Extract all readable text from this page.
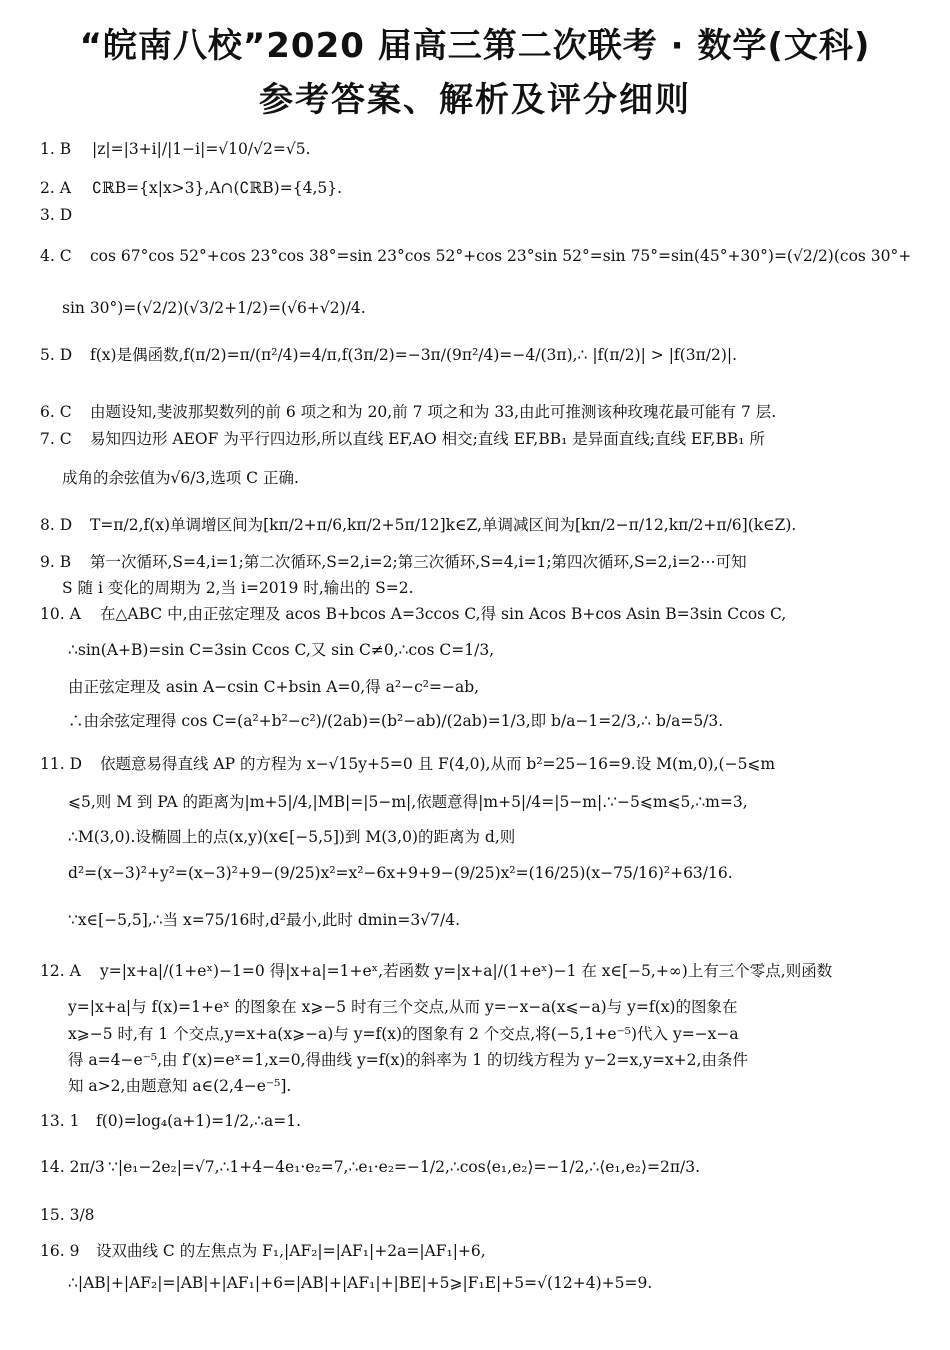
“皖南八校”2020 届高三第二次联考 · 数学(文科)
参考答案、解析及评分细则
1. B |z|=|3+i|/|1−i|=√10/√2=√5.
2. A ∁ℝB={x|x>3},A∩(∁ℝB)={4,5}.
3. D
4. C cos 67°cos 52°+cos 23°cos 38°=sin 23°cos 52°+cos 23°sin 52°=sin 75°=sin(45°+30°)=(√2/2)(cos 30°+
sin 30°)=(√2/2)(√3/2+1/2)=(√6+√2)/4.
5. D f(x)是偶函数,f(π/2)=π/(π²/4)=4/π,f(3π/2)=−3π/(9π²/4)=−4/(3π),∴ |f(π/2)| > |f(3π/2)|.
6. C 由题设知,斐波那契数列的前 6 项之和为 20,前 7 项之和为 33,由此可推测该种玫瑰花最可能有 7 层.
7. C 易知四边形 AEOF 为平行四边形,所以直线 EF,AO 相交;直线 EF,BB₁ 是异面直线;直线 EF,BB₁ 所
成角的余弦值为√6/3,选项 C 正确.
8. D T=π/2,f(x)单调增区间为[kπ/2+π/6,kπ/2+5π/12]k∈Z,单调减区间为[kπ/2−π/12,kπ/2+π/6](k∈Z).
9. B 第一次循环,S=4,i=1;第二次循环,S=2,i=2;第三次循环,S=4,i=1;第四次循环,S=2,i=2⋯可知
S 随 i 变化的周期为 2,当 i=2019 时,输出的 S=2.
10. A 在△ABC 中,由正弦定理及 acos B+bcos A=3ccos C,得 sin Acos B+cos Asin B=3sin Ccos C,
∴sin(A+B)=sin C=3sin Ccos C,又 sin C≠0,∴cos C=1/3,
由正弦定理及 asin A−csin C+bsin A=0,得 a²−c²=−ab,
∴由余弦定理得 cos C=(a²+b²−c²)/(2ab)=(b²−ab)/(2ab)=1/3,即 b/a−1=2/3,∴ b/a=5/3.
11. D 依题意易得直线 AP 的方程为 x−√15y+5=0 且 F(4,0),从而 b²=25−16=9.设 M(m,0),(−5⩽m
⩽5,则 M 到 PA 的距离为|m+5|/4,|MB|=|5−m|,依题意得|m+5|/4=|5−m|.∵−5⩽m⩽5,∴m=3,
∴M(3,0).设椭圆上的点(x,y)(x∈[−5,5])到 M(3,0)的距离为 d,则
d²=(x−3)²+y²=(x−3)²+9−(9/25)x²=x²−6x+9+9−(9/25)x²=(16/25)(x−75/16)²+63/16.
∵x∈[−5,5],∴当 x=75/16时,d²最小,此时 dmin=3√7/4.
12. A y=|x+a|/(1+eˣ)−1=0 得|x+a|=1+eˣ,若函数 y=|x+a|/(1+eˣ)−1 在 x∈[−5,+∞)上有三个零点,则函数
y=|x+a|与 f(x)=1+eˣ 的图象在 x⩾−5 时有三个交点,从而 y=−x−a(x⩽−a)与 y=f(x)的图象在
x⩾−5 时,有 1 个交点,y=x+a(x⩾−a)与 y=f(x)的图象有 2 个交点,将(−5,1+e⁻⁵)代入 y=−x−a
得 a=4−e⁻⁵,由 f′(x)=eˣ=1,x=0,得曲线 y=f(x)的斜率为 1 的切线方程为 y−2=x,y=x+2,由条件
知 a>2,由题意知 a∈(2,4−e⁻⁵].
13. 1 f(0)=log₄(a+1)=1/2,∴a=1.
14. 2π/3 ∵|e₁−2e₂|=√7,∴1+4−4e₁·e₂=7,∴e₁·e₂=−1/2,∴cos⟨e₁,e₂⟩=−1/2,∴⟨e₁,e₂⟩=2π/3.
15. 3/8
16. 9 设双曲线 C 的左焦点为 F₁,|AF₂|=|AF₁|+2a=|AF₁|+6,
∴|AB|+|AF₂|=|AB|+|AF₁|+6=|AB|+|AF₁|+|BE|+5⩾|F₁E|+5=√(12+4)+5=9.
